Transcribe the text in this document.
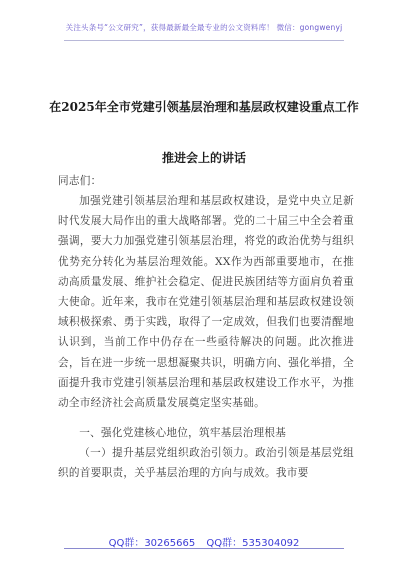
关注头条号“公文研究”，获得最新最全最专业的公文资料库！ 微信：gongwenyj
在2025年全市党建引领基层治理和基层政权建设重点工作
推进会上的讲话
同志们：
加强党建引领基层治理和基层政权建设，是党中央立足新时代发展大局作出的重大战略部署。党的二十届三中全会着重强调，要大力加强党建引领基层治理，将党的政治优势与组织优势充分转化为基层治理效能。XX作为西部重要地市，在推动高质量发展、维护社会稳定、促进民族团结等方面肩负着重大使命。近年来，我市在党建引领基层治理和基层政权建设领域积极探索、勇于实践，取得了一定成效，但我们也要清醒地认识到，当前工作中仍存在一些亟待解决的问题。此次推进会，旨在进一步统一思想凝聚共识，明确方向、强化举措，全面提升我市党建引领基层治理和基层政权建设工作水平，为推动全市经济社会高质量发展奠定坚实基础。
一、强化党建核心地位，筑牢基层治理根基
（一）提升基层党组织政治引领力。政治引领是基层党组织的首要职责，关乎基层治理的方向与成效。我市要
QQ群：30265665 QQ群：535304092
